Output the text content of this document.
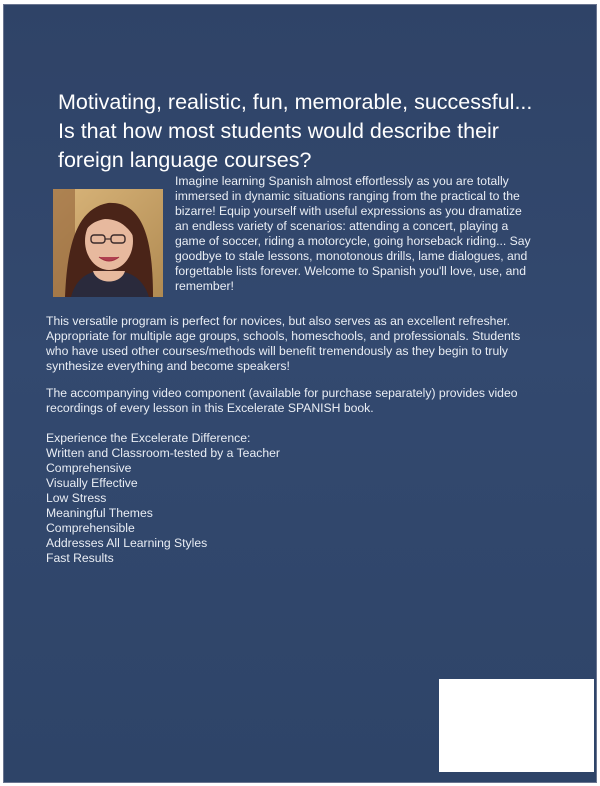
Motivating, realistic, fun, memorable, successful...
Is that how most students would describe their
foreign language courses?
Imagine learning Spanish almost effortlessly as you are totally
immersed in dynamic situations ranging from the practical to the
bizarre! Equip yourself with useful expressions as you dramatize
an endless variety of scenarios: attending a concert, playing a
game of soccer, riding a motorcycle, going horseback riding... Say
goodbye to stale lessons, monotonous drills, lame dialogues, and
forgettable lists forever. Welcome to Spanish you'll love, use, and
remember!
This versatile program is perfect for novices, but also serves as an excellent refresher.
Appropriate for multiple age groups, schools, homeschools, and professionals. Students
who have used other courses/methods will benefit tremendously as they begin to truly
synthesize everything and become speakers!
The accompanying video component (available for purchase separately) provides video
recordings of every lesson in this Excelerate SPANISH book.
Experience the Excelerate Difference:
Written and Classroom-tested by a Teacher
Comprehensive
Visually Effective
Low Stress
Meaningful Themes
Comprehensible
Addresses All Learning Styles
Fast Results
